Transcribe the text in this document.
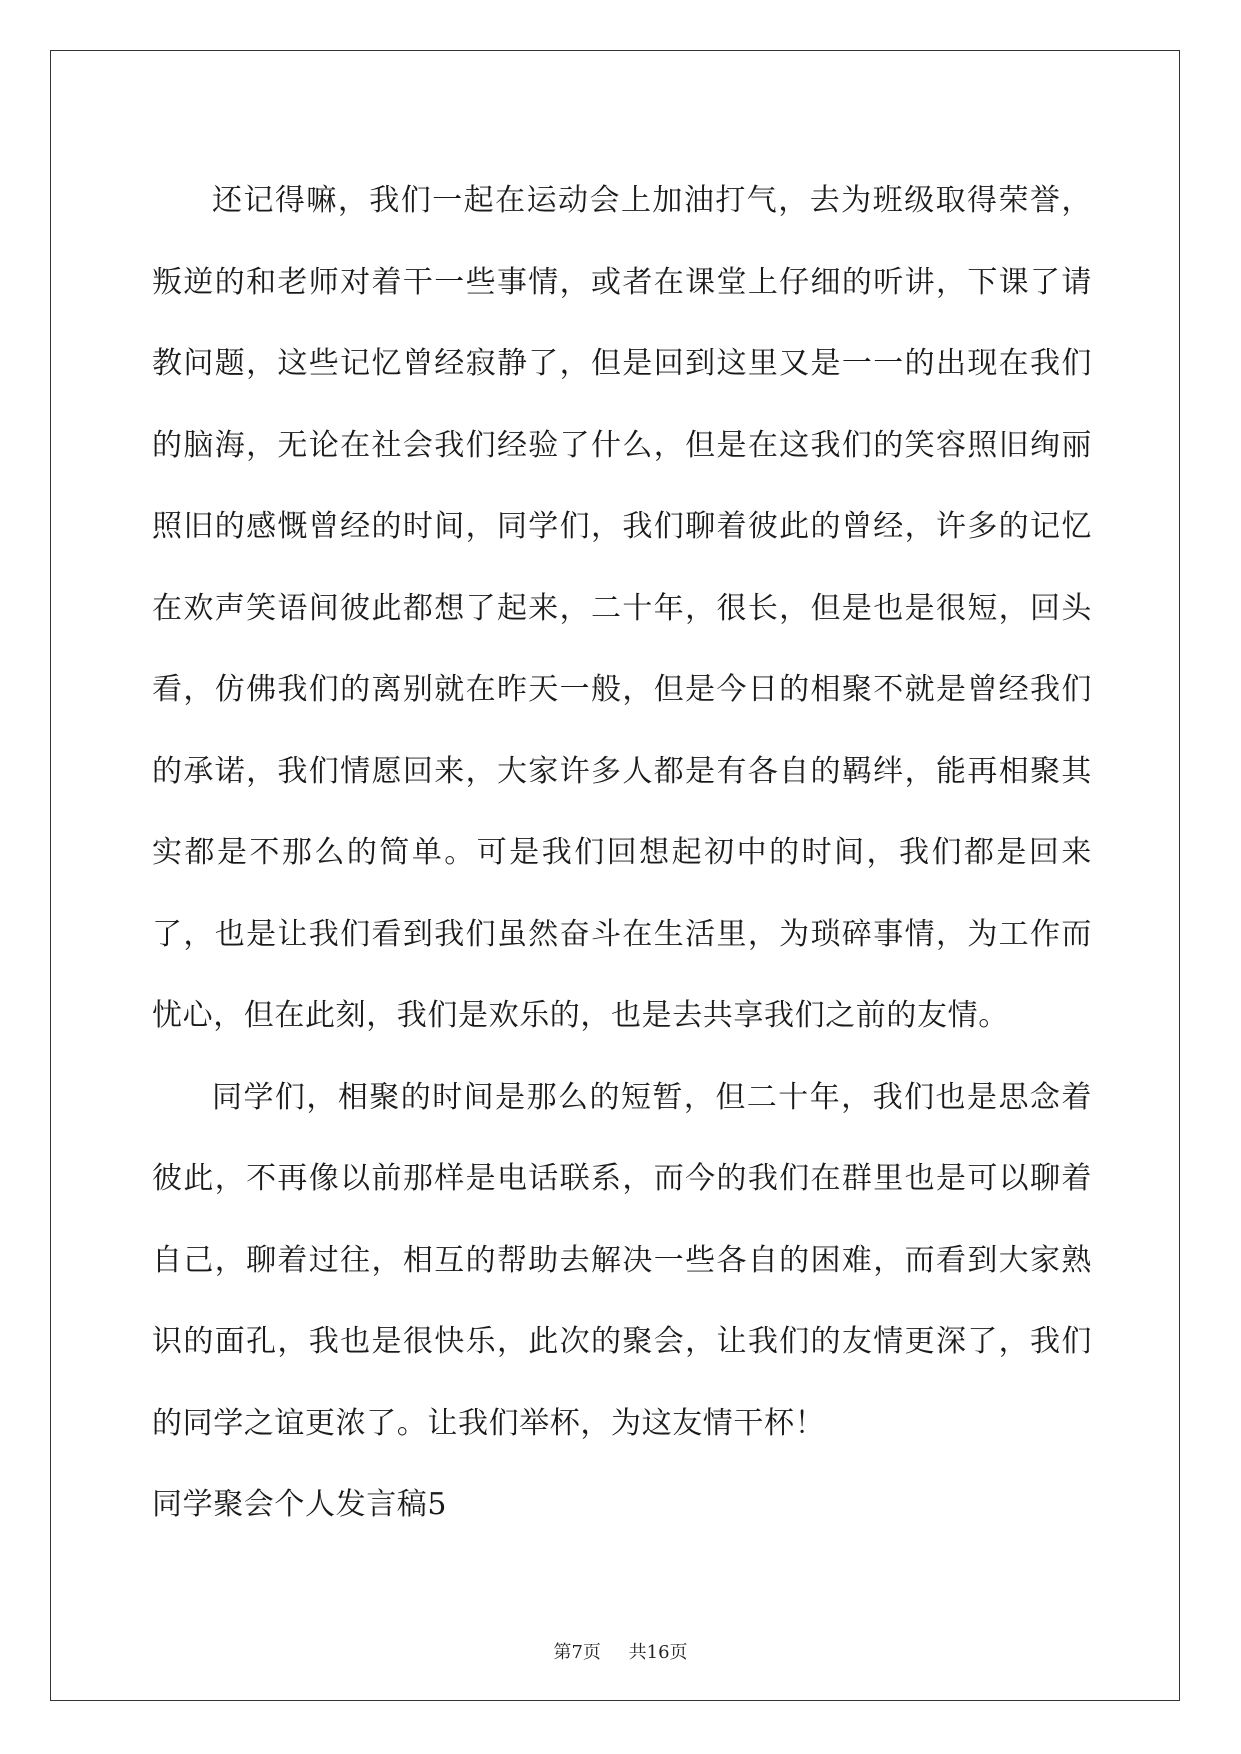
还记得嘛，我们一起在运动会上加油打气，去为班级取得荣誉，叛逆的和老师对着干一些事情，或者在课堂上仔细的听讲，下课了请教问题，这些记忆曾经寂静了，但是回到这里又是一一的出现在我们的脑海，无论在社会我们经验了什么，但是在这我们的笑容照旧绚丽照旧的感慨曾经的时间，同学们，我们聊着彼此的曾经，许多的记忆在欢声笑语间彼此都想了起来，二十年，很长，但是也是很短，回头看，仿佛我们的离别就在昨天一般，但是今日的相聚不就是曾经我们的承诺，我们情愿回来，大家许多人都是有各自的羁绊，能再相聚其实都是不那么的简单。可是我们回想起初中的时间，我们都是回来了，也是让我们看到我们虽然奋斗在生活里，为琐碎事情，为工作而忧心，但在此刻，我们是欢乐的，也是去共享我们之前的友情。

同学们，相聚的时间是那么的短暂，但二十年，我们也是思念着彼此，不再像以前那样是电话联系，而今的我们在群里也是可以聊着自己，聊着过往，相互的帮助去解决一些各自的困难，而看到大家熟识的面孔，我也是很快乐，此次的聚会，让我们的友情更深了，我们的同学之谊更浓了。让我们举杯，为这友情干杯！

同学聚会个人发言稿5

第7页 共16页
